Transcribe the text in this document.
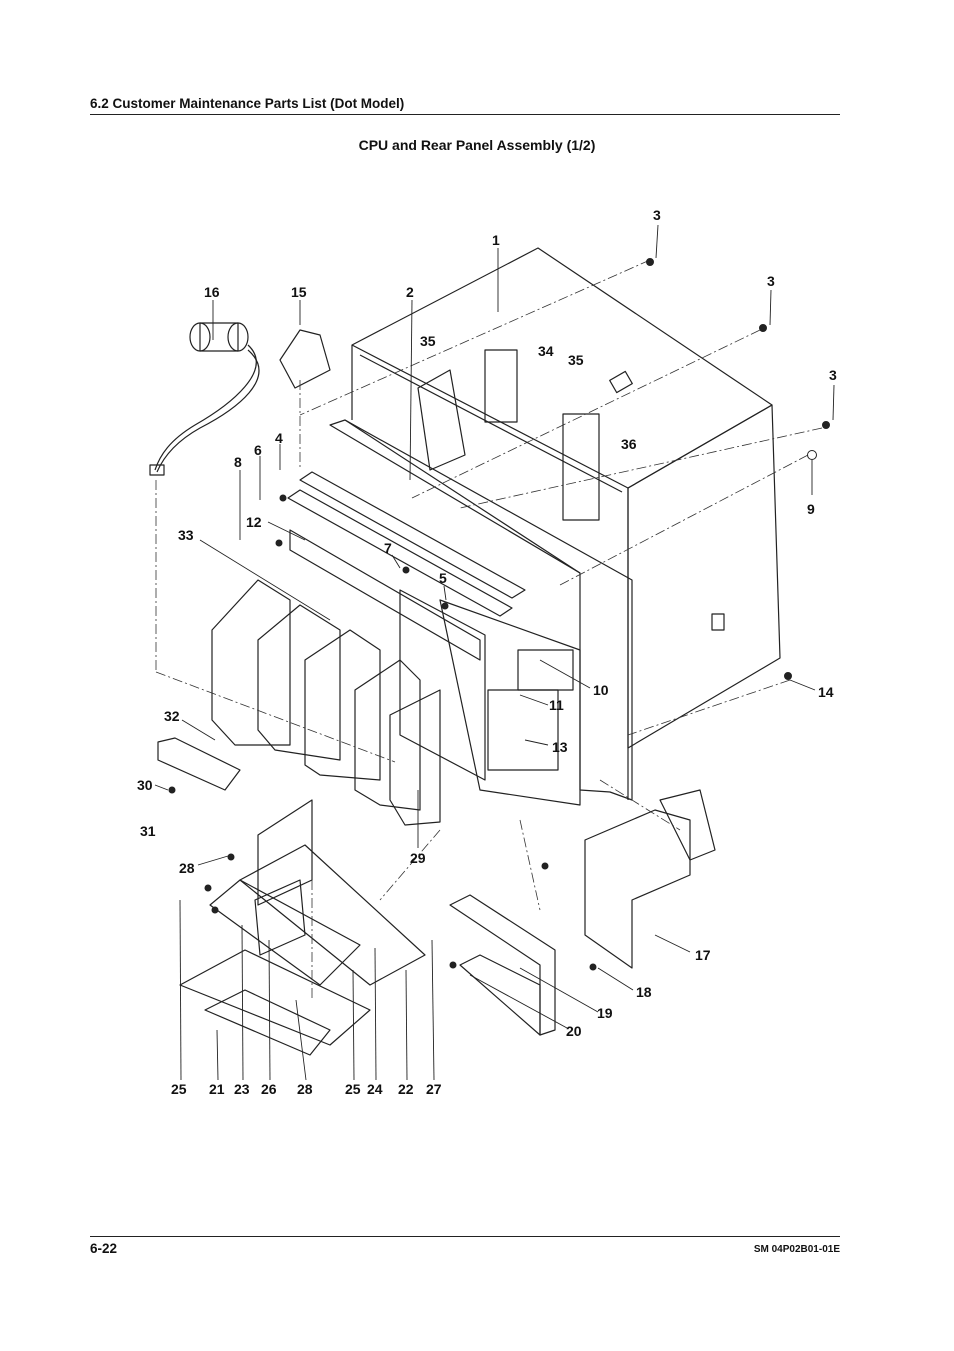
6.2 Customer Maintenance Parts List (Dot Model)
CPU and Rear Panel Assembly (1/2)
1
2
3
3
3
4
5
6
7
8
9
10
11
12
13
14
15
16
17
18
19
20
21	22
23	24
25	25
26	27
28
28
29
30
31
32
33
34
35
35
36
6-22	SM 04P02B01-01E
